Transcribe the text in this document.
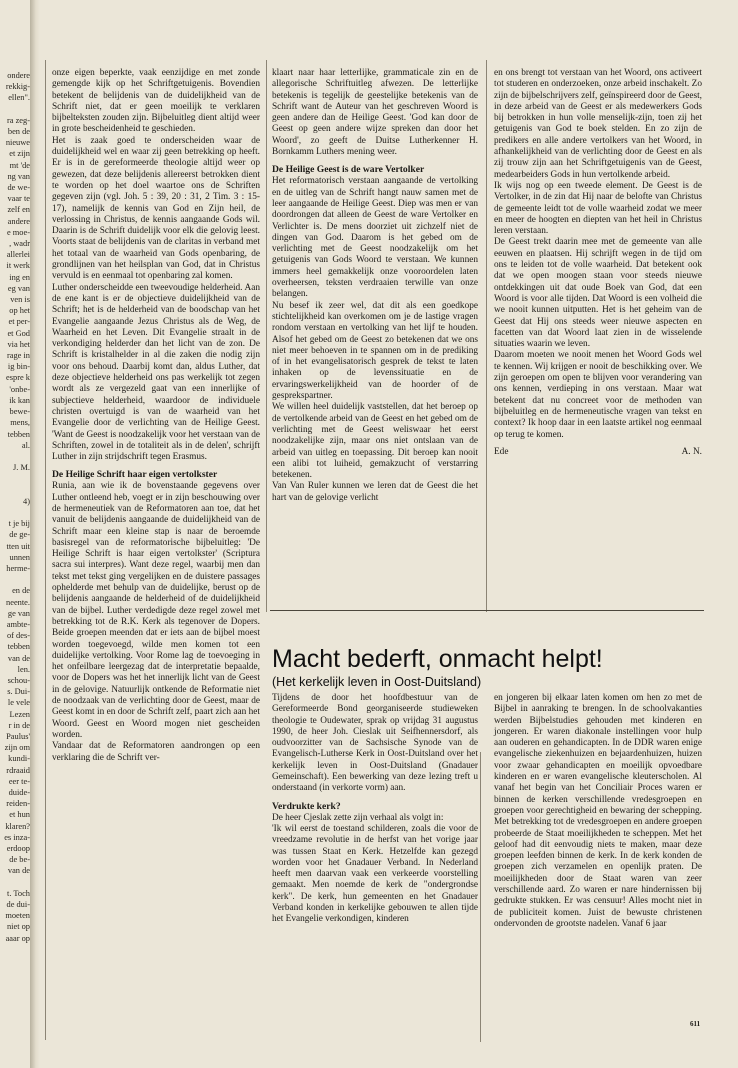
ondere
rekkig-
ellen".

ra zeg-
ben de
nieuwe
et zijn
mt 'de
ng van
de we-
vaar te
zelf en
andere
e moe-
, wadr
allerlei
it werk
ing en
eg van
ven is
op het
et per-
et God
via het
rage in
ig bin-
espre k
'onbe-
ik kan
bewe-
mens,
tebben
al.

J. M.

4)

t je bij
de ge-
tten uit
unnen
herme-

en de
neente.
ge van
ambte-
of des-
tebben
van de
len.
schou-
s. Dui-
le vele
Lezen
r in de
Paulus'
zijn om
kundi-
rdraaid
eer te-
duide-
reiden-
et hun
klaren?
es inza-
erdoop
de be-
van de

t. Toch
de dui-
moeten
niet op
aaar op

onze eigen beperkte, vaak eenzijdige en met zonde gemengde kijk op het Schriftgetuigenis. Bovendien betekent de belijdenis van de duidelijkheid van de Schrift niet, dat er geen moeilijk te verklaren bijbelteksten zouden zijn. Bijbeluitleg dient altijd weer in grote bescheidenheid te geschieden.

Het is zaak goed te onderscheiden waar de duidelijkheid wel en waar zij geen betrekking op heeft. Er is in de gereformeerde theologie altijd weer op gewezen, dat deze belijdenis allereerst betrokken dient te worden op het doel waartoe ons de Schriften gegeven zijn (vgl. Joh. 5 : 39, 20 : 31, 2 Tim. 3 : 15-17), namelijk de kennis van God en Zijn heil, de verlossing in Christus, de kennis aangaande Gods wil. Daarin is de Schrift duidelijk voor elk die gelovig leest. Voorts staat de belijdenis van de claritas in verband met het totaal van de waarheid van Gods openbaring, de grondlijnen van het heilsplan van God, dat in Christus vervuld is en eenmaal tot openbaring zal komen.

Luther onderscheidde een tweevoudige helderheid. Aan de ene kant is er de objectieve duidelijkheid van de Schrift; het is de helderheid van de boodschap van het Evangelie aangaande Jezus Christus als de Weg, de Waarheid en het Leven. Dit Evangelie straalt in de verkondiging helderder dan het licht van de zon. De Schrift is kristalhelder in al die zaken die nodig zijn voor ons behoud. Daarbij komt dan, aldus Luther, dat deze objectieve helderheid ons pas werkelijk tot zegen wordt als ze vergezeld gaat van een innerlijke of subjectieve helderheid, waardoor de individuele christen overtuigd is van de waarheid van het Evangelie door de verlichting van de Heilige Geest. 'Want de Geest is noodzakelijk voor het verstaan van de Schriften, zowel in de totaliteit als in de delen', schrijft Luther in zijn strijdschrift tegen Erasmus.

De Heilige Schrift haar eigen vertolkster

Runia, aan wie ik de bovenstaande gegevens over Luther ontleend heb, voegt er in zijn beschouwing over de hermeneutiek van de Reformatoren aan toe, dat het vanuit de belijdenis aangaande de duidelijkheid van de Schrift maar een kleine stap is naar de beroemde basisregel van de reformatorische bijbeluitleg: 'De Heilige Schrift is haar eigen vertolkster' (Scriptura sacra sui interpres). Want deze regel, waarbij men dan tekst met tekst ging vergelijken en de duistere passages ophelderde met behulp van de duidelijke, berust op de belijdenis aangaande de helderheid of de duidelijkheid van de bijbel. Luther verdedigde deze regel zowel met betrekking tot de R.K. Kerk als tegenover de Dopers. Beide groepen meenden dat er iets aan de bijbel moest worden toegevoegd, wilde men komen tot een duidelijke vertolking. Voor Rome lag de toevoeging in het onfeilbare leergezag dat de interpretatie bepaalde, voor de Dopers was het het innerlijk licht van de Geest in de gelovige. Natuurlijk ontkende de Reformatie niet de noodzaak van de verlichting door de Geest, maar de Geest komt in en door de Schrift zelf, paart zich aan het Woord. Geest en Woord mogen niet gescheiden worden.

Vandaar dat de Reformatoren aandrongen op een verklaring die de Schrift ver-

klaart naar haar letterlijke, grammaticale zin en de allegorische Schriftuitleg afwezen. De letterlijke betekenis is tegelijk de geestelijke betekenis van de Schrift want de Auteur van het geschreven Woord is geen andere dan de Heilige Geest. 'God kan door de Geest op geen andere wijze spreken dan door het Woord', zo geeft de Duitse Lutherkenner H. Bornkamm Luthers mening weer.

De Heilige Geest is de ware Vertolker

Het reformatorisch verstaan aangaande de vertolking en de uitleg van de Schrift hangt nauw samen met de leer aangaande de Heilige Geest. Diep was men er van doordrongen dat alleen de Geest de ware Vertolker en Verlichter is. De mens doorziet uit zichzelf niet de dingen van God. Daarom is het gebed om de verlichting met de Geest noodzakelijk om het getuigenis van Gods Woord te verstaan. We kunnen immers heel gemakkelijk onze vooroordelen laten overheersen, teksten verdraaien terwille van onze belangen.

Nu besef ik zeer wel, dat dit als een goedkope stichtelijkheid kan overkomen om je de lastige vragen rondom verstaan en vertolking van het lijf te houden. Alsof het gebed om de Geest zo betekenen dat we ons niet meer behoeven in te spannen om in de prediking of in het evangelisatorisch gesprek de tekst te laten inhaken op de levenssituatie en de ervaringswerkelijkheid van de hoorder of de gesprekspartner.

We willen heel duidelijk vaststellen, dat het beroep op de vertolkende arbeid van de Geest en het gebed om de verlichting met de Geest weliswaar het eerst noodzakelijke zijn, maar ons niet ontslaan van de arbeid van uitleg en toepassing. Dit beroep kan nooit een alibi tot luiheid, gemakzucht of verstarring betekenen.

Van Van Ruler kunnen we leren dat de Geest die het hart van de gelovige verlicht

en ons brengt tot verstaan van het Woord, ons activeert tot studeren en onderzoeken, onze arbeid inschakelt. Zo zijn de bijbelschrijvers zelf, geïnspireerd door de Geest, in deze arbeid van de Geest er als medewerkers Gods bij betrokken in hun volle menselijk-zijn, toen zij het getuigenis van God te boek stelden. En zo zijn de predikers en alle andere vertolkers van het Woord, in afhankelijkheid van de verlichting door de Geest en als zij trouw zijn aan het Schriftgetuigenis van de Geest, medearbeiders Gods in hun vertolkende arbeid.

Ik wijs nog op een tweede element. De Geest is de Vertolker, in de zin dat Hij naar de belofte van Christus de gemeente leidt tot de volle waarheid zodat we meer en meer de hoogten en diepten van het heil in Christus leren verstaan.

De Geest trekt daarin mee met de gemeente van alle eeuwen en plaatsen. Hij schrijft wegen in de tijd om ons te leiden tot de volle waarheid. Dat betekent ook dat we open moogen staan voor steeds nieuwe ontdekkingen uit dat oude Boek van God, dat een Woord is voor alle tijden. Dat Woord is een volheid die we nooit kunnen uitputten. Het is het geheim van de Geest dat Hij ons steeds weer nieuwe aspecten en facetten van dat Woord laat zien in de wisselende situaties waarin we leven.

Daarom moeten we nooit menen het Woord Gods wel te kennen. Wij krijgen er nooit de beschikking over. We zijn geroepen om open te blijven voor verandering van ons kennen, verdieping in ons verstaan. Maar wat betekent dat nu concreet voor de methoden van bijbeluitleg en de hermeneutische vragen van tekst en context? Ik hoop daar in een laatste artikel nog eenmaal op terug te komen.

Ede	A. N.
Macht bederft, onmacht helpt!
(Het kerkelijk leven in Oost-Duitsland)

Tijdens de door het hoofdbestuur van de Gereformeerde Bond georganiseerde studieweken theologie te Oudewater, sprak op vrijdag 31 augustus 1990, de heer Joh. Cieslak uit Seifhennersdorf, als oudvoorzitter van de Sachsische Synode van de Evangelisch-Lutherse Kerk in Oost-Duitsland over het kerkelijk leven in Oost-Duitsland (Gnadauer Gemeinschaft). Een bewerking van deze lezing treft u onderstaand (in verkorte vorm) aan.

Verdrukte kerk?

De heer Cjeslak zette zijn verhaal als volgt in:

'Ik wil eerst de toestand schilderen, zoals die voor de vreedzame revolutie in de herfst van het vorige jaar was tussen Staat en Kerk. Hetzelfde kan gezegd worden voor het Gnadauer Verband. In Nederland heeft men daarvan vaak een verkeerde voorstelling gemaakt. Men noemde de kerk de "ondergrondse kerk". De kerk, hun gemeenten en het Gnadauer Verband konden in kerkelijke gebouwen te allen tijde het Evangelie verkondigen, kinderen

en jongeren bij elkaar laten komen om hen zo met de Bijbel in aanraking te brengen. In de schoolvakanties werden Bijbelstudies gehouden met kinderen en jongeren. Er waren diakonale instellingen voor hulp aan ouderen en gehandicapten. In de DDR waren enige evangelische ziekenhuizen en bejaardenhuizen, huizen voor zwaar gehandicapten en moeilijk opvoedbare kinderen en er waren evangelische kleuterscholen. Al vanaf het begin van het Conciliair Proces waren er binnen de kerken verschillende vredesgroepen en groepen voor gerechtigheid en bewaring der schepping. Met betrekking tot de vredesgroepen en andere groepen probeerde de Staat moeilijkheden te scheppen. Met het geloof had dit eenvoudig niets te maken, maar deze groepen leefden binnen de kerk. In de kerk konden de groepen zich verzamelen en openlijk praten. De moeilijkheden door de Staat waren van zeer verschillende aard. Zo waren er nare hindernissen bij gedrukte stukken. Er was censuur! Alles mocht niet in de publiciteit komen. Juist de bewuste christenen ondervonden de grootste nadelen. Vanaf 6 jaar

611
